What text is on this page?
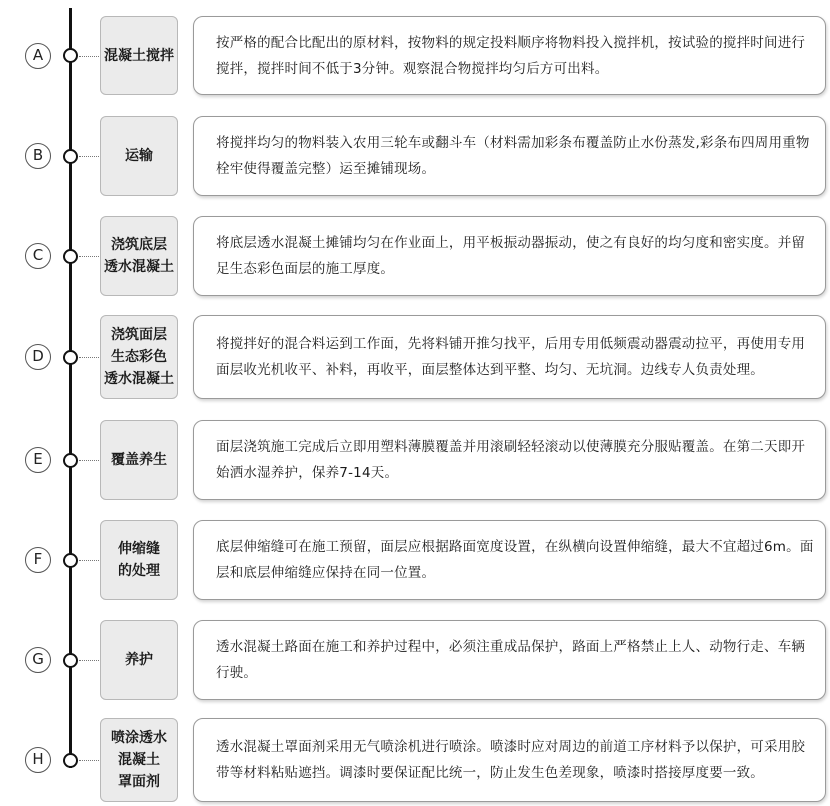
A	混凝土搅拌

按严格的配合比配出的原材料，按物料的规定投料顺序将物料投入搅拌机，按试验的搅拌时间进行搅拌，搅拌时间不低于3分钟。观察混合物搅拌均匀后方可出料。

B	运输

将搅拌均匀的物料装入农用三轮车或翻斗车（材料需加彩条布覆盖防止水份蒸发,彩条布四周用重物栓牢使得覆盖完整）运至摊铺现场。

C
浇筑底层
透水混凝土

将底层透水混凝土摊铺均匀在作业面上，用平板振动器振动，使之有良好的均匀度和密实度。并留足生态彩色面层的施工厚度。

D
浇筑面层
生态彩色
透水混凝土

将搅拌好的混合料运到工作面，先将料铺开推匀找平，后用专用低频震动器震动拉平，再使用专用面层收光机收平、补料，再收平，面层整体达到平整、均匀、无坑洞。边线专人负责处理。

E	覆盖养生

面层浇筑施工完成后立即用塑料薄膜覆盖并用滚刷轻轻滚动以使薄膜充分服贴覆盖。在第二天即开始洒水湿养护，保养7-14天。

F
伸缩缝
的处理

底层伸缩缝可在施工预留，面层应根据路面宽度设置，在纵横向设置伸缩缝，最大不宜超过6m。面层和底层伸缩缝应保持在同一位置。

G	养护

透水混凝土路面在施工和养护过程中，必须注重成品保护，路面上严格禁止上人、动物行走、车辆行驶。

H
喷涂透水
混凝土
罩面剂

透水混凝土罩面剂采用无气喷涂机进行喷涂。喷漆时应对周边的前道工序材料予以保护，可采用胶带等材料粘贴遮挡。调漆时要保证配比统一，防止发生色差现象，喷漆时搭接厚度要一致。
